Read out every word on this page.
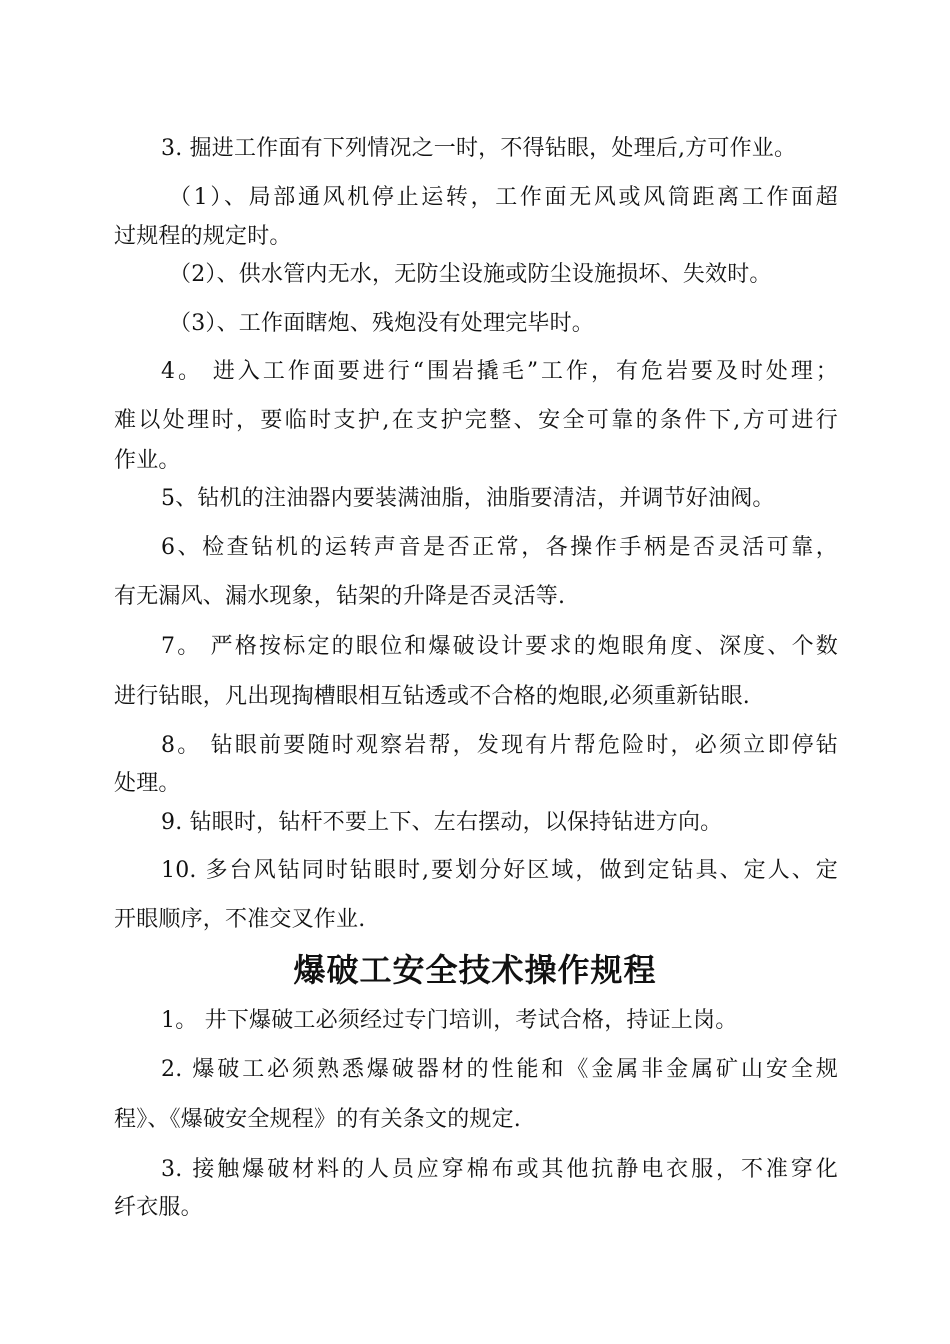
3. 掘进工作面有下列情况之一时，不得钻眼，处理后,方可作业。
（1）、局部通风机停止运转，工作面无风或风筒距离工作面超
过规程的规定时。
（2）、供水管内无水，无防尘设施或防尘设施损坏、失效时。
（3）、工作面瞎炮、残炮没有处理完毕时。
4。 进入工作面要进行“围岩撬毛”工作，有危岩要及时处理；
难以处理时，要临时支护,在支护完整、安全可靠的条件下,方可进行
作业。
5、钻机的注油器内要装满油脂，油脂要清洁，并调节好油阀。
6、检查钻机的运转声音是否正常，各操作手柄是否灵活可靠，
有无漏风、漏水现象，钻架的升降是否灵活等.
7。 严格按标定的眼位和爆破设计要求的炮眼角度、深度、个数
进行钻眼，凡出现掏槽眼相互钻透或不合格的炮眼,必须重新钻眼.
8。 钻眼前要随时观察岩帮，发现有片帮危险时，必须立即停钻
处理。
9. 钻眼时，钻杆不要上下、左右摆动，以保持钻进方向。
10. 多台风钻同时钻眼时,要划分好区域，做到定钻具、定人、定
开眼顺序，不准交叉作业.
爆破工安全技术操作规程
1。 井下爆破工必须经过专门培训，考试合格，持证上岗。
2. 爆破工必须熟悉爆破器材的性能和《金属非金属矿山安全规
程》、《爆破安全规程》的有关条文的规定.
3. 接触爆破材料的人员应穿棉布或其他抗静电衣服，不准穿化
纤衣服。
